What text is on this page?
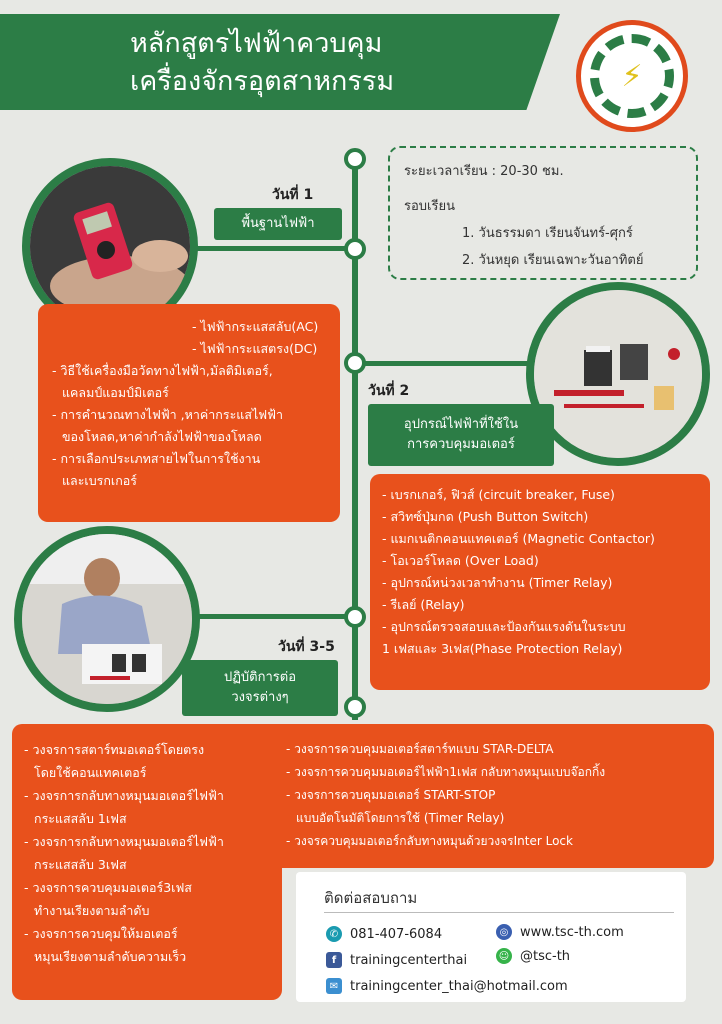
หลักสูตรไฟฟ้าควบคุม
เครื่องจักรอุตสาหกรรม	⚡
ระยะเวลาเรียน : 20-30 ชม.
รอบเรียน
1. วันธรรมดา เรียนจันทร์-ศุกร์
2. วันหยุด เรียนเฉพาะวันอาทิตย์
วันที่ 1
พื้นฐานไฟฟ้า
- ไฟฟ้ากระแสสลับ(AC)
- ไฟฟ้ากระแสตรง(DC)
- วิธีใช้เครื่องมือวัดทางไฟฟ้า,มัลติมิเตอร์,
แคลมป์แอมป์มิเตอร์
- การคำนวณทางไฟฟ้า ,หาค่ากระแสไฟฟ้า
ของโหลด,หาค่ากำลังไฟฟ้าของโหลด
- การเลือกประเภทสายไฟในการใช้งาน
และเบรกเกอร์
วันที่ 2
อุปกรณ์ไฟฟ้าที่ใช้ใน
การควบคุมมอเตอร์
- เบรกเกอร์, ฟิวส์ (circuit breaker, Fuse)
- สวิทซ์ปุ่มกด (Push Button Switch)
- แมกเนติกคอนแทคเตอร์ (Magnetic Contactor)
- โอเวอร์โหลด (Over Load)
- อุปกรณ์หน่วงเวลาทำงาน (Timer Relay)
- รีเลย์ (Relay)
- อุปกรณ์ตรวจสอบและป้องกันแรงดันในระบบ
1 เฟสและ 3เฟส(Phase Protection Relay)
วันที่ 3-5
ปฏิบัติการต่อ
วงจรต่างๆ
- วงจรการสตาร์ทมอเตอร์โดยตรง
โดยใช้คอนแทคเตอร์
- วงจรการกลับทางหมุนมอเตอร์ไฟฟ้า
กระแสสลับ 1เฟส
- วงจรการกลับทางหมุนมอเตอร์ไฟฟ้า
กระแสสลับ 3เฟส
- วงจรการควบคุมมอเตอร์3เฟส
ทำงานเรียงตามลำดับ
- วงจรการควบคุมให้มอเตอร์
หมุนเรียงตามลำดับความเร็ว
- วงจรการควบคุมมอเตอร์สตาร์ทแบบ STAR-DELTA
- วงจรการควบคุมมอเตอร์ไฟฟ้า1เฟส กลับทางหมุนแบบจ๊อกกิ้ง
- วงจรการควบคุมมอเตอร์ START-STOP
แบบอัตโนมัติโดยการใช้ (Timer Relay)
- วงจรควบคุมมอเตอร์กลับทางหมุนด้วยวงจรInter Lock
ติดต่อสอบถาม
✆ 081-407-6084
f	trainingcenterthai
✉ trainingcenter_thai@hotmail.com
◎ www.tsc-th.com
☺ @tsc-th
